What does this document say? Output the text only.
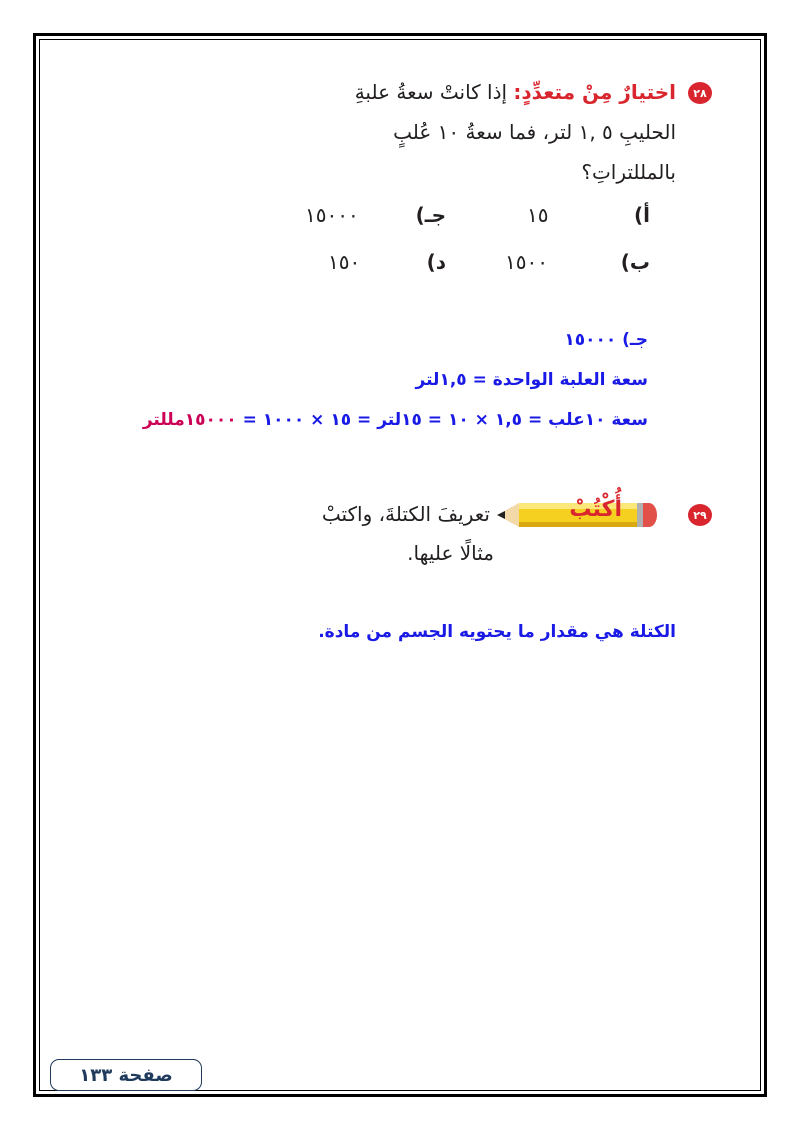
٢٨
اختيارٌ مِنْ متعدِّدٍ: إذا كانتْ سعةُ علبةِ
الحليبِ ٥ ,١ لتر، فما سعةُ ١٠ عُلبٍ
بالمللتراتِ؟
أ)
١٥
جـ)
١٥٠٠٠
ب)
١٥٠٠
د)
١٥٠
جـ) ١٥٠٠٠
سعة العلبة الواحدة = ١,٥لتر
سعة ١٠علب = ١,٥ × ١٠ = ١٥لتر = ١٥ × ١٠٠٠ = ١٥٠٠٠مللتر
٢٩
أُكْتُبْ
تعريفَ الكتلةَ، واكتبْ
مثالًا عليها.
الكتلة هي مقدار ما يحتويه الجسم من مادة.
صفحة ١٣٣
